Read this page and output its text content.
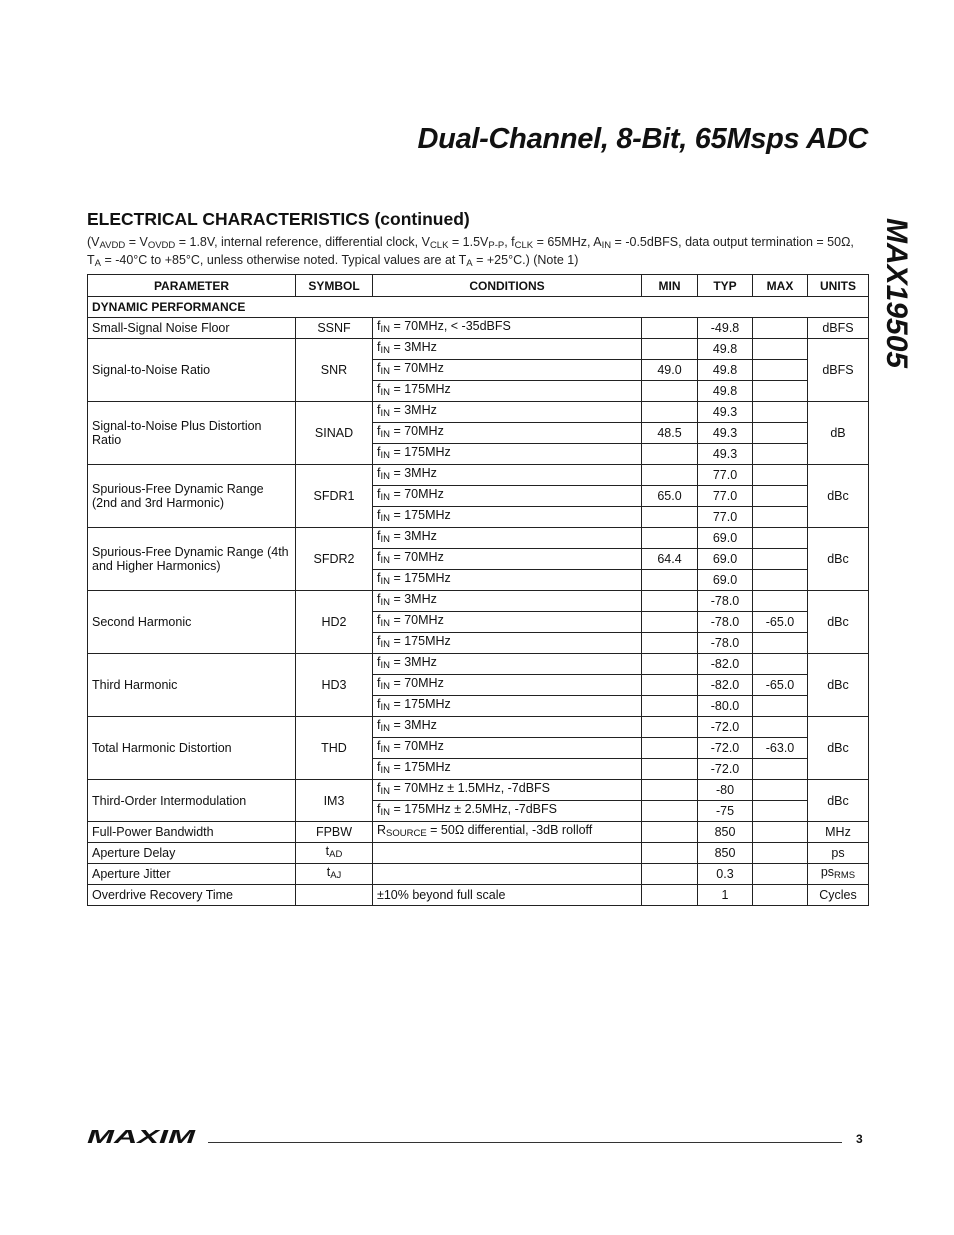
Dual-Channel, 8-Bit, 65Msps ADC
MAX19505
ELECTRICAL CHARACTERISTICS (continued)
($V_{AVDD} = V_{OVDD} = 1.8V$, internal reference, differential clock, $V_{CLK} = 1.5V_{P-P}$, $f_{CLK} = 65MHz$, $A_{IN}$ = -0.5dBFS, data output termination = 50Ω, $T_A = -40^\circ C$ to +85°C, unless otherwise noted. Typical values are at $T_A = +25^\circ C$.) (Note 1)
PARAMETER	SYMBOL	CONDITIONS	MIN	TYP	MAX	UNITS
DYNAMIC PERFORMANCE						
Small-Signal Noise Floor	SSNF	$f_{IN} = 70MHz$, < -35dBFS		-49.8		dBFS
Signal-to-Noise Ratio	SNR	$f_{IN} = 3MHz$		49.8		dBFS
		$f_{IN} = 70MHz$	49.0	49.8		
		$f_{IN} = 175MHz$		49.8		
Signal-to-Noise Plus Distortion Ratio	SINAD	$f_{IN} = 3MHz$		49.3		dB
		$f_{IN} = 70MHz$	48.5	49.3		
		$f_{IN} = 175MHz$		49.3		
Spurious-Free Dynamic Range (2nd and 3rd Harmonic)	SFDR1	$f_{IN} = 3MHz$		77.0		dBc
		$f_{IN} = 70MHz$	65.0	77.0		
		$f_{IN} = 175MHz$		77.0		
Spurious-Free Dynamic Range (4th and Higher Harmonics)	SFDR2	$f_{IN} = 3MHz$		69.0		dBc
		$f_{IN} = 70MHz$	64.4	69.0		
		$f_{IN} = 175MHz$		69.0		
Second Harmonic	HD2	$f_{IN} = 3MHz$		-78.0		dBc
		$f_{IN} = 70MHz$		-78.0	-65.0	
		$f_{IN} = 175MHz$		-78.0		
Third Harmonic	HD3	$f_{IN} = 3MHz$		-82.0		dBc
		$f_{IN} = 70MHz$		-82.0	-65.0	
		$f_{IN} = 175MHz$		-80.0		
Total Harmonic Distortion	THD	$f_{IN} = 3MHz$		-72.0		dBc
		$f_{IN} = 70MHz$		-72.0	-63.0	
		$f_{IN} = 175MHz$		-72.0		
Third-Order Intermodulation	IM3	$f_{IN} = 70MHz \pm 1.5MHz$, -7dBFS		-80		dBc
		$f_{IN} = 175MHz \pm 2.5MHz$, -7dBFS		-75		
Full-Power Bandwidth	FPBW	$R_{SOURCE} = 50\Omega$ differential, -3dB rolloff		850		MHz
Aperture Delay	$t_{AD}$			850		ps
Aperture Jitter	$t_{AJ}$			0.3		$ps_{RMS}$
Overdrive Recovery Time		±10% beyond full scale		1		Cycles
MAXIM	3
